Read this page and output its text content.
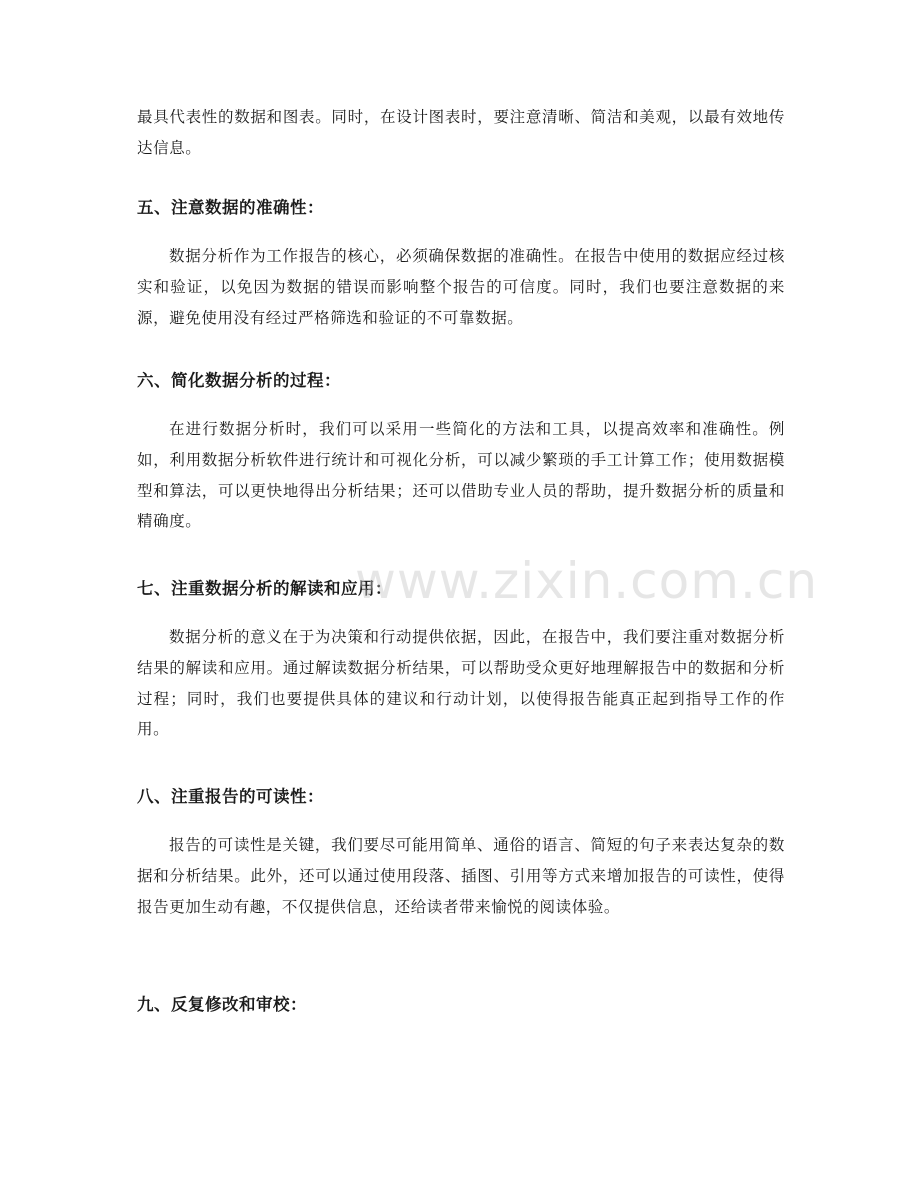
最具代表性的数据和图表。同时，在设计图表时，要注意清晰、简洁和美观，以最有效地传达信息。

五、注意数据的准确性：

数据分析作为工作报告的核心，必须确保数据的准确性。在报告中使用的数据应经过核实和验证，以免因为数据的错误而影响整个报告的可信度。同时，我们也要注意数据的来源，避免使用没有经过严格筛选和验证的不可靠数据。

六、简化数据分析的过程：

在进行数据分析时，我们可以采用一些简化的方法和工具，以提高效率和准确性。例如，利用数据分析软件进行统计和可视化分析，可以减少繁琐的手工计算工作；使用数据模型和算法，可以更快地得出分析结果；还可以借助专业人员的帮助，提升数据分析的质量和精确度。

七、注重数据分析的解读和应用：

数据分析的意义在于为决策和行动提供依据，因此，在报告中，我们要注重对数据分析结果的解读和应用。通过解读数据分析结果，可以帮助受众更好地理解报告中的数据和分析过程；同时，我们也要提供具体的建议和行动计划，以使得报告能真正起到指导工作的作用。

八、注重报告的可读性：

报告的可读性是关键，我们要尽可能用简单、通俗的语言、简短的句子来表达复杂的数据和分析结果。此外，还可以通过使用段落、插图、引用等方式来增加报告的可读性，使得报告更加生动有趣，不仅提供信息，还给读者带来愉悦的阅读体验。

九、反复修改和审校：
www.zixin.com.cn
